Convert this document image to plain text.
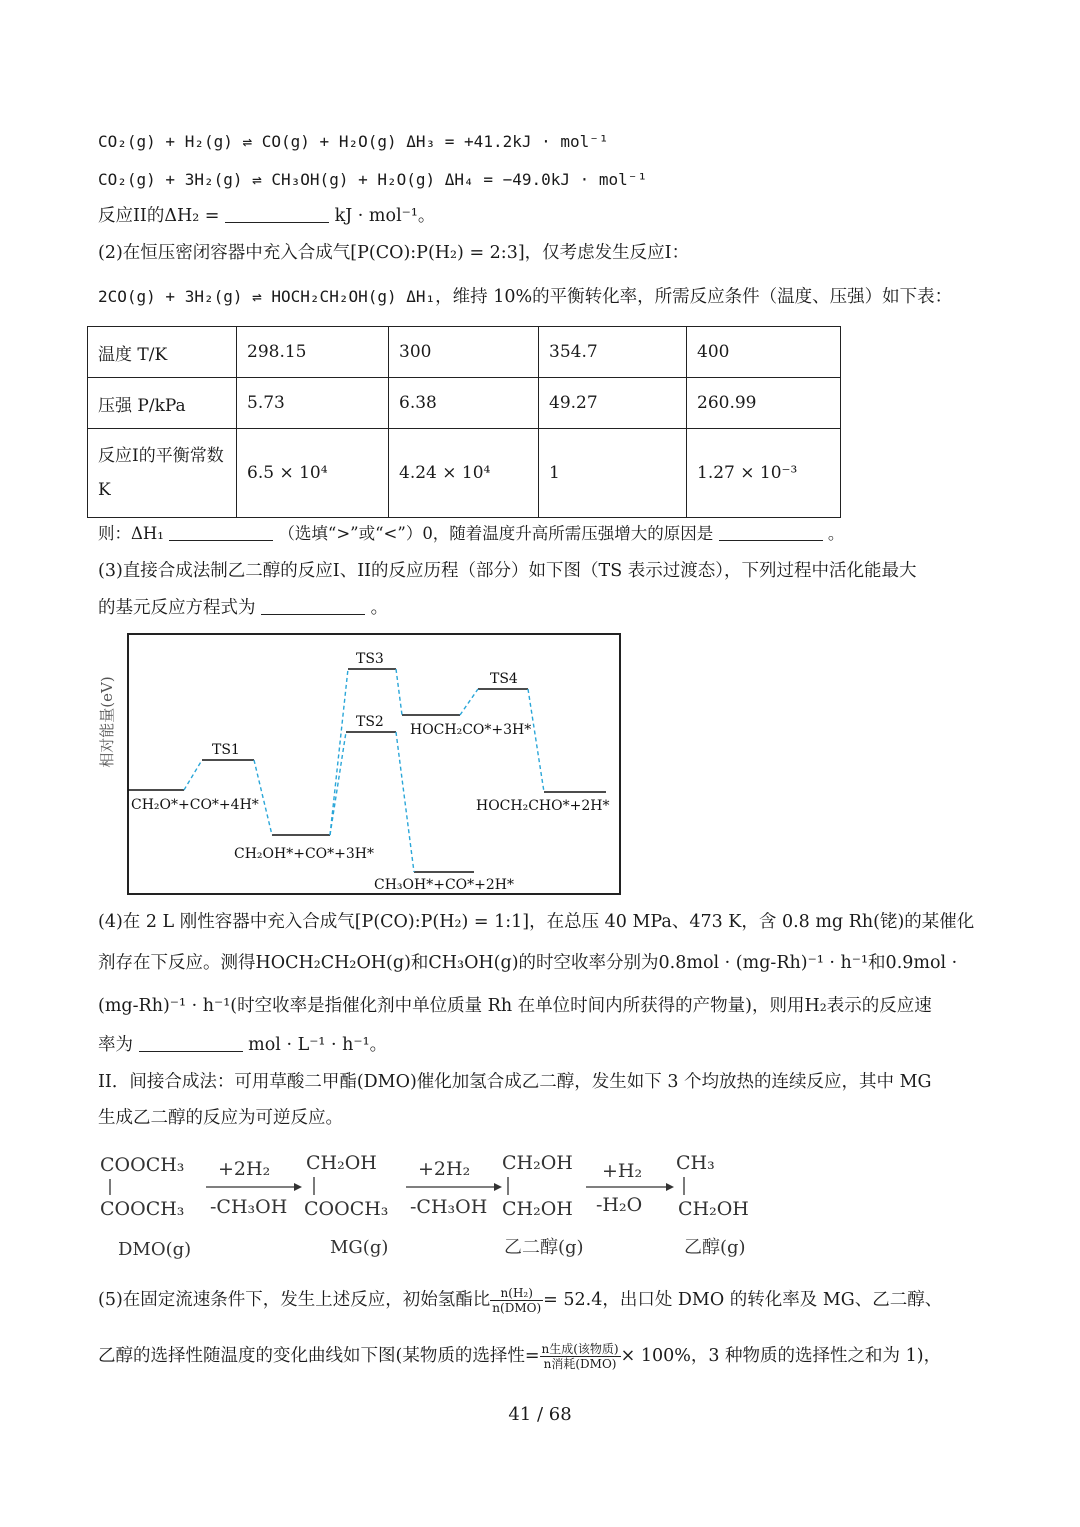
CO₂(g) + H₂(g) ⇌ CO(g) + H₂O(g) ΔH₃ = +41.2kJ · mol⁻¹
CO₂(g) + 3H₂(g) ⇌ CH₃OH(g) + H₂O(g) ΔH₄ = −49.0kJ · mol⁻¹
反应II的ΔH₂ =	kJ · mol⁻¹。
(2)在恒压密闭容器中充入合成气[P(CO):P(H₂) = 2:3]，仅考虑发生反应I：
2CO(g) + 3H₂(g) ⇌ HOCH₂CH₂OH(g) ΔH₁，维持 10%的平衡转化率，所需反应条件（温度、压强）如下表：
温度 T/K	298.15	300	354.7	400
压强 P/kPa	5.73	6.38	49.27	260.99
反应I的平衡常数 K	6.5 × 10⁴	4.24 × 10⁴	1	1.27 × 10⁻³
则：ΔH₁	（选填“>”或“<”）0，随着温度升高所需压强增大的原因是	。
(3)直接合成法制乙二醇的反应I、II的反应历程（部分）如下图（TS 表示过渡态），下列过程中活化能最大
的基元反应方程式为	。
相对能量(eV)
CH₂O*+CO*+4H*
TS1
CH₂OH*+CO*+3H*
TS2
TS3
CH₃OH*+CO*+2H*
HOCH₂CO*+3H*
TS4
HOCH₂CHO*+2H*
(4)在 2 L 刚性容器中充入合成气[P(CO):P(H₂) = 1:1]，在总压 40 MPa、473 K，含 0.8 mg Rh(铑)的某催化
剂存在下反应。测得HOCH₂CH₂OH(g)和CH₃OH(g)的时空收率分别为0.8mol · (mg-Rh)⁻¹ · h⁻¹和0.9mol ·
(mg-Rh)⁻¹ · h⁻¹(时空收率是指催化剂中单位质量 Rh 在单位时间内所获得的产物量)，则用H₂表示的反应速
率为	mol · L⁻¹ · h⁻¹。
II．间接合成法：可用草酸二甲酯(DMO)催化加氢合成乙二醇，发生如下 3 个均放热的连续反应，其中 MG
生成乙二醇的反应为可逆反应。
COOCH₃
COOCH₃
DMO(g)
+2H₂
-CH₃OH
CH₂OH
COOCH₃
MG(g)
+2H₂
-CH₃OH
CH₂OH
CH₂OH
乙二醇(g)
+H₂
-H₂O
CH₃
CH₂OH
乙醇(g)
(5)在固定流速条件下，发生上述反应，初始氢酯比 $\frac{\text{n(H₂)}}{\text{n(DMO)}} = 52.4$，出口处 DMO 的转化率及 MG、乙二醇、
乙醇的选择性随温度的变化曲线如下图(某物质的选择性= $\frac{\text{n生成(该物质)}}{\text{n消耗(DMO)}} \times 100\%$，3 种物质的选择性之和为 1)，
41 / 68
